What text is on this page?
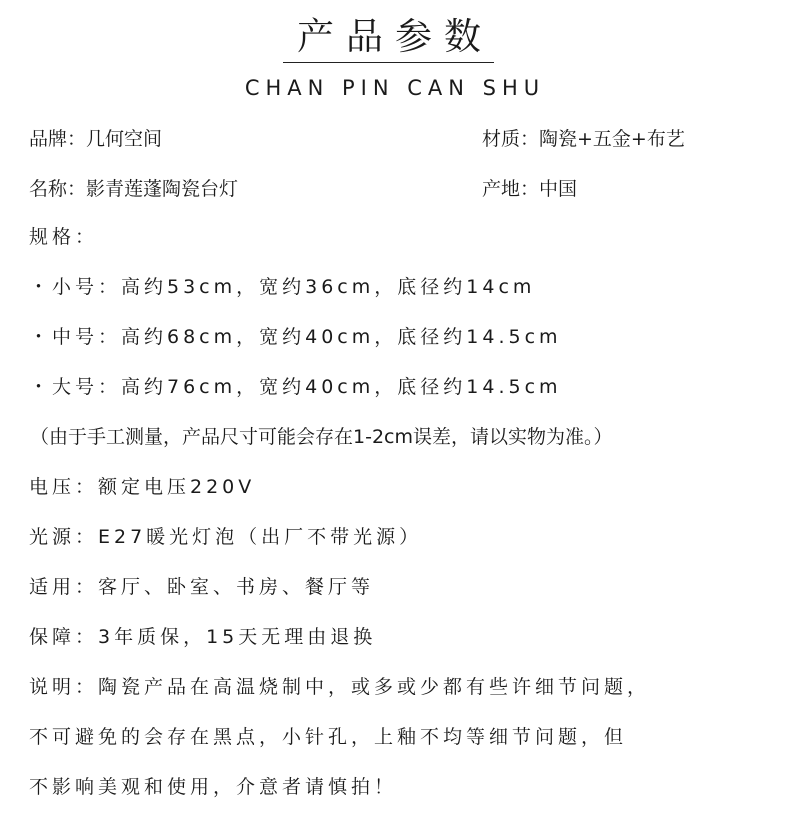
产品参数
CHAN PIN CAN SHU
品牌：几何空间	材质：陶瓷+五金+布艺
名称：影青莲蓬陶瓷台灯	产地：中国
规格：
・小号：高约53cm，宽约36cm，底径约14cm
・中号：高约68cm，宽约40cm，底径约14.5cm
・大号：高约76cm，宽约40cm，底径约14.5cm
（由于手工测量，产品尺寸可能会存在1-2cm误差，请以实物为准。）
电压：额定电压220V
光源：E27暖光灯泡（出厂不带光源）
适用：客厅、卧室、书房、餐厅等
保障：3年质保，15天无理由退换
说明：陶瓷产品在高温烧制中，或多或少都有些许细节问题，
不可避免的会存在黑点，小针孔，上釉不均等细节问题，但
不影响美观和使用，介意者请慎拍！
